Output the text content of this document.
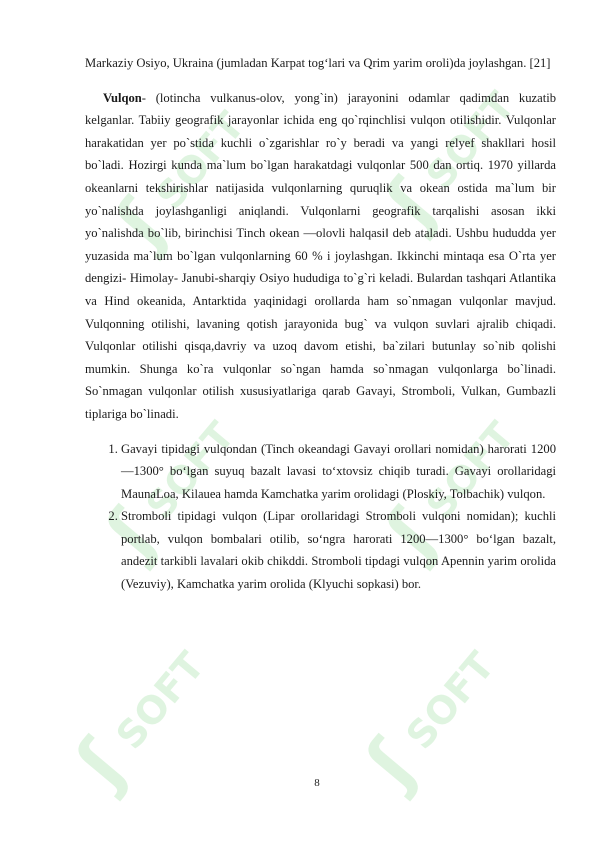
ʃ
SOFT ʃ
SOFT
ʃ
SOFT
ʃ
SOFT
ʃ
SOFT
ʃ
SOFT

Markaziy Osiyo, Ukraina (jumladan Karpat tog‘lari va Qrim yarim oroli)da joylashgan. [21]

Vulqon- (lotincha vulkanus-olov, yong`in) jarayonini odamlar qadimdan kuzatib kelganlar. Tabiiy geografik jarayonlar ichida eng qo`rqinchlisi vulqon otilishidir. Vulqonlar harakatidan yer po`stida kuchli o`zgarishlar ro`y beradi va yangi relyef shakllari hosil bo`ladi. Hozirgi kunda ma`lum bo`lgan harakatdagi vulqonlar 500 dan ortiq. 1970 yillarda okeanlarni tekshirishlar natijasida vulqonlarning quruqlik va okean ostida ma`lum bir yo`nalishda joylashganligi aniqlandi. Vulqonlarni geografik tarqalishi asosan ikki yo`nalishda bo`lib, birinchisi Tinch okean ―olovli halqasiǁ deb ataladi. Ushbu hududda yer yuzasida ma`lum bo`lgan vulqonlarning 60 % i joylashgan. Ikkinchi mintaqa esa O`rta yer dengizi- Himolay- Janubi-sharqiy Osiyo hududiga to`g`ri keladi. Bulardan tashqari Atlantika va Hind okeanida, Antarktida yaqinidagi orollarda ham so`nmagan vulqonlar mavjud. Vulqonning otilishi, lavaning qotish jarayonida bug` va vulqon suvlari ajralib chiqadi. Vulqonlar otilishi qisqa,davriy va uzoq davom etishi, ba`zilari butunlay so`nib qolishi mumkin. Shunga ko`ra vulqonlar so`ngan hamda so`nmagan vulqonlarga bo`linadi. So`nmagan vulqonlar otilish xususiyatlariga qarab Gavayi, Stromboli, Vulkan, Gumbazli tiplariga bo`linadi.

1. Gavayi tipidagi vulqondan (Tinch okeandagi Gavayi orollari nomidan) harorati 1200—1300° bo‘lgan suyuq bazalt lavasi to‘xtovsiz chiqib turadi. Gavayi orollaridagi MaunaLoa, Kilauea hamda Kamchatka yarim orolidagi (Ploskiy, Tolbachik) vulqon.
2. Stromboli tipidagi vulqon (Lipar orollaridagi Stromboli vulqoni nomidan); kuchli portlab, vulqon bombalari otilib, so‘ngra harorati 1200—1300° bo‘lgan bazalt, andezit tarkibli lavalari okib chikddi. Stromboli tipdagi vulqon Apennin yarim orolida (Vezuviy), Kamchatka yarim orolida (Klyuchi sopkasi) bor.
8
